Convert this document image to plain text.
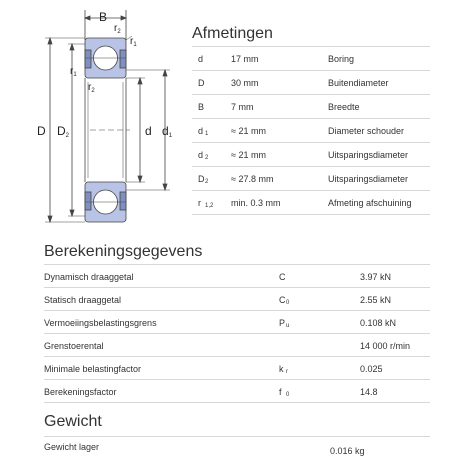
B
$r_2$
$r_1$
$r_1$
$r_2$
D $D_2$	d $d_1$
Afmetingen
d	17 mm	Boring
D	30 mm	Buitendiameter
B	7 mm	Breedte
d 1	≈ 21 mm	Diameter schouder
d 2	≈ 21 mm	Uitsparingsdiameter
D 2	≈ 27.8 mm	Uitsparingsdiameter
r 1,2 min. 0.3 mm	Afmeting afschuining
Berekeningsgegevens
Dynamisch draaggetal	C	3.97 kN
Statisch draaggetal	C 0	2.55 kN
Vermoeiingsbelastingsgrens	P u	0.108 kN
Grenstoerental	14 000 r/min
Minimale belastingfactor	k r	0.025
Berekeningsfactor	f 0	14.8
Gewicht
Gewicht lager	0.016 kg
